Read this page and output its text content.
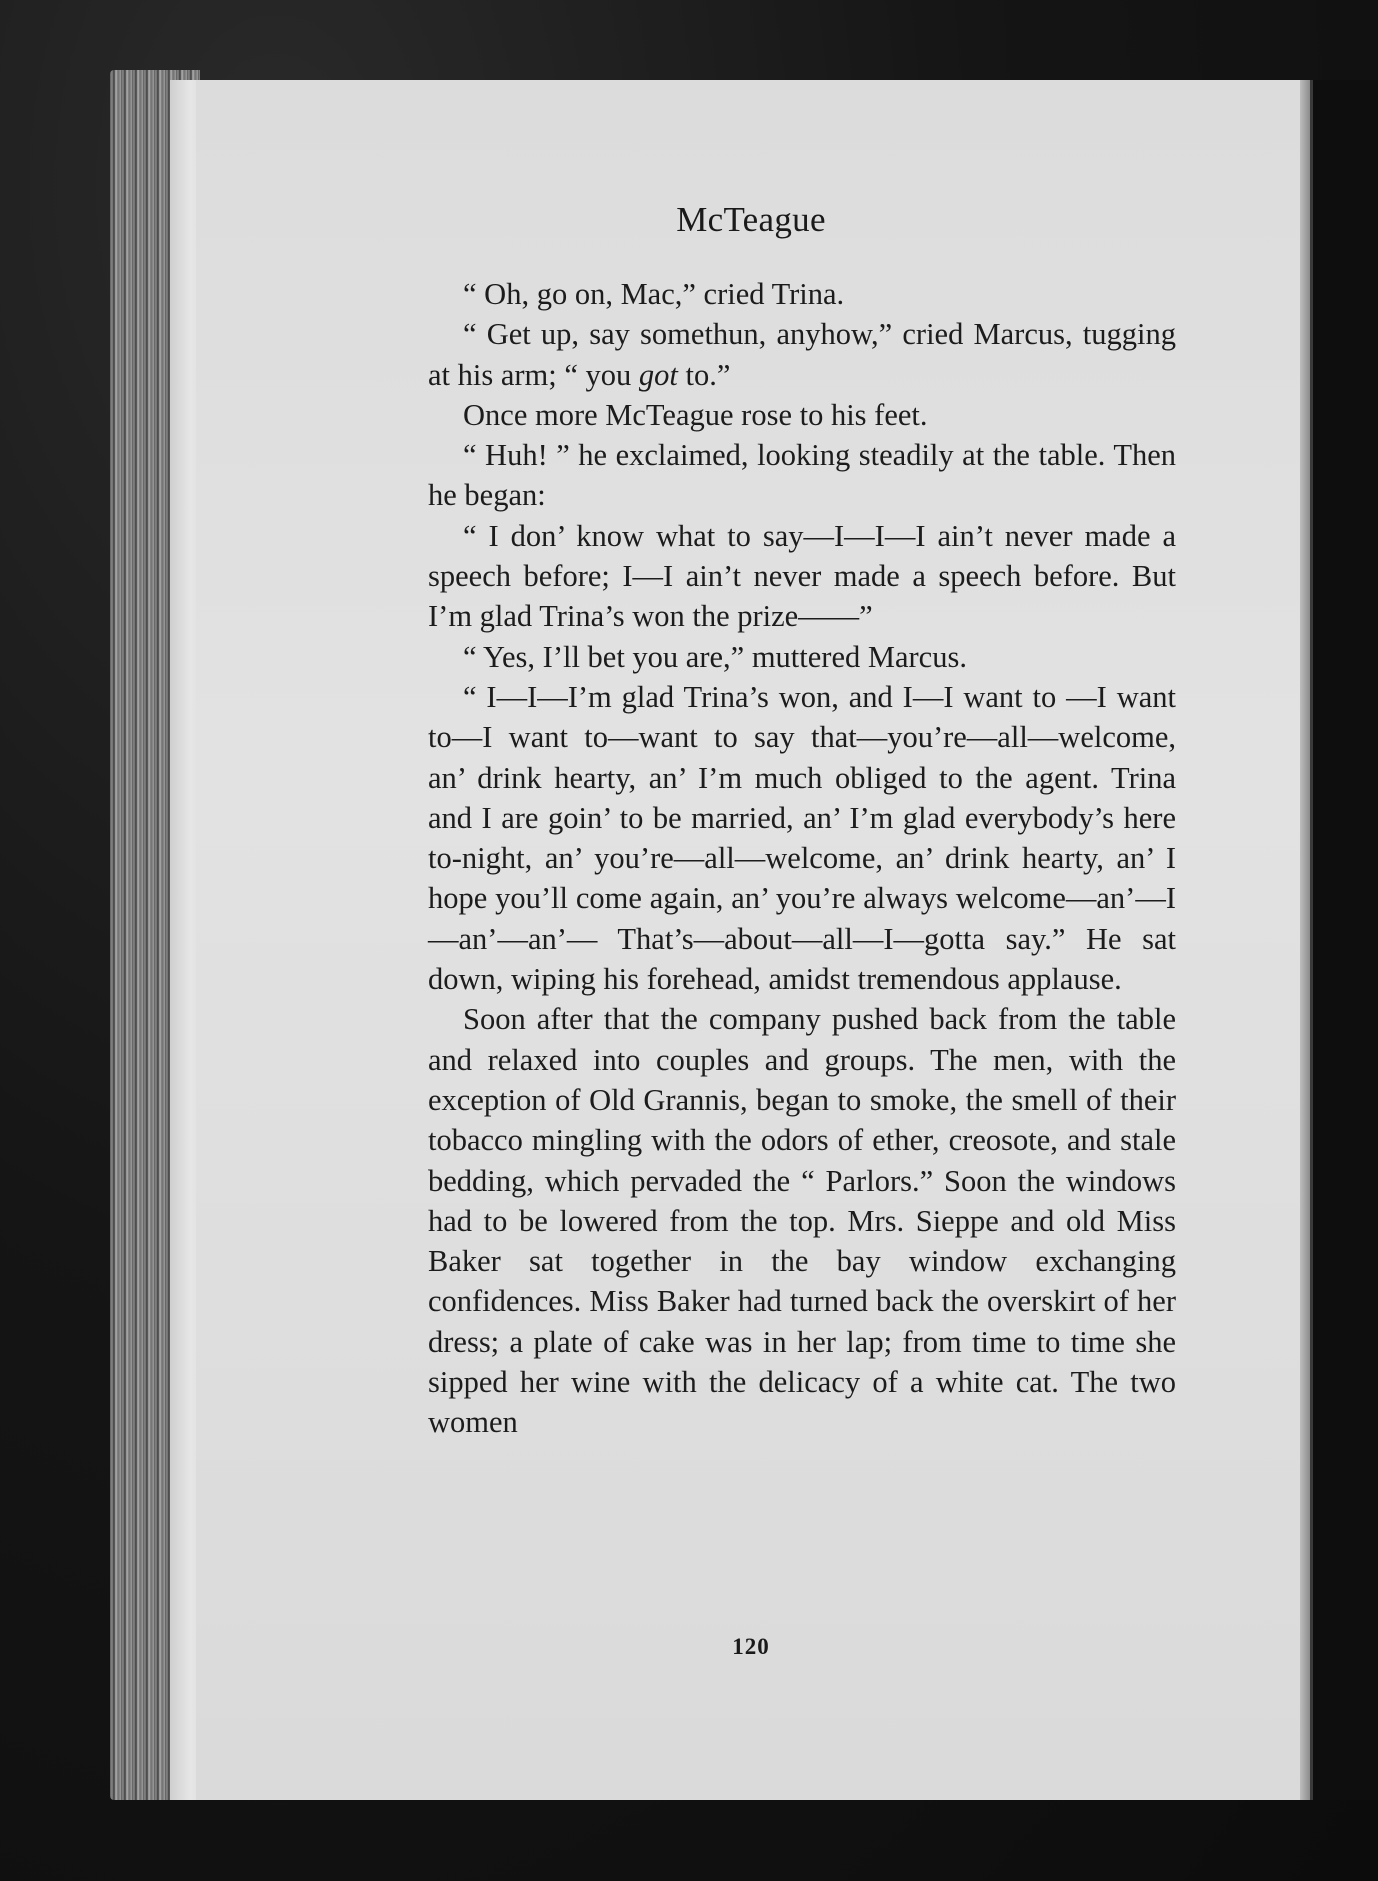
McTeague

“ Oh, go on, Mac,” cried Trina.

“ Get up, say somethun, anyhow,” cried Marcus, tugging at his arm; “ you got to.”

Once more McTeague rose to his feet.

“ Huh! ” he exclaimed, looking steadily at the table. Then he began:

“ I don’ know what to say—I—I—I ain’t never made a speech before; I—I ain’t never made a speech before. But I’m glad Trina’s won the prize——”

“ Yes, I’ll bet you are,” muttered Marcus.

“ I—I—I’m glad Trina’s won, and I—I want to —I want to—I want to—want to say that—you’re—all—welcome, an’ drink hearty, an’ I’m much obliged to the agent. Trina and I are goin’ to be married, an’ I’m glad everybody’s here to-night, an’ you’re—all—welcome, an’ drink hearty, an’ I hope you’ll come again, an’ you’re always welcome—an’—I—an’—an’— That’s—about—all—I—gotta say.” He sat down, wiping his forehead, amidst tremendous applause.

Soon after that the company pushed back from the table and relaxed into couples and groups. The men, with the exception of Old Grannis, began to smoke, the smell of their tobacco mingling with the odors of ether, creosote, and stale bedding, which pervaded the “ Parlors.” Soon the windows had to be lowered from the top. Mrs. Sieppe and old Miss Baker sat together in the bay window exchanging confidences. Miss Baker had turned back the overskirt of her dress; a plate of cake was in her lap; from time to time she sipped her wine with the delicacy of a white cat. The two women

120
